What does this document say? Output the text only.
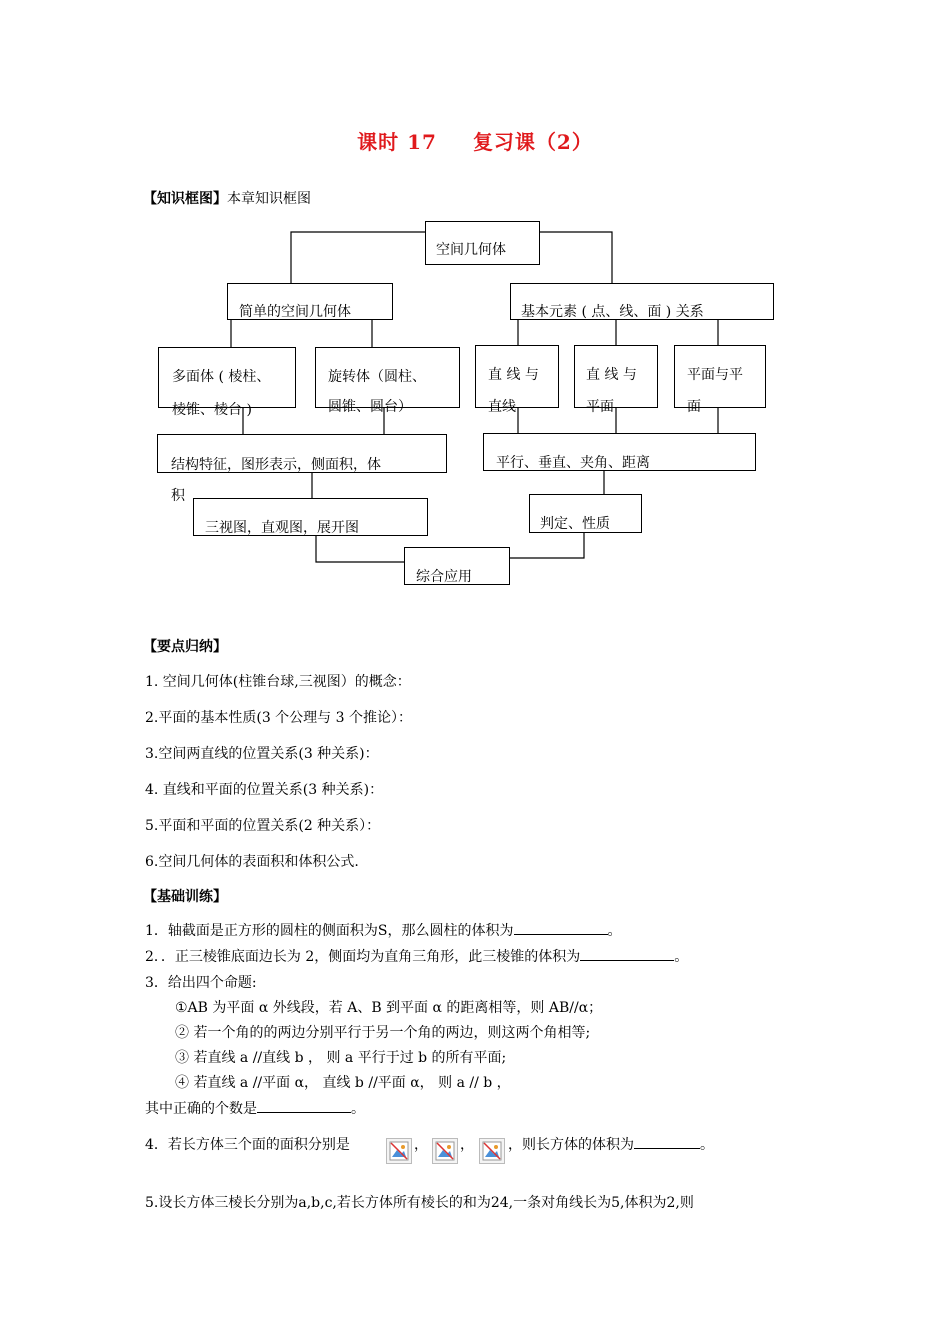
课时 17 复习课（2）
【知识框图】本章知识框图
空间几何体
简单的空间几何体	基本元素 ( 点、线、面 ) 关系
多面体 ( 棱柱、
棱锥、棱台 )
旋转体（圆柱、
圆锥、圆台）
直 线 与
直线
直 线 与
平面
平面与平
面
结构特征，图形表示，侧面积，体
积
平行、垂直、夹角、距离
三视图，直观图，展开图	判定、性质
综合应用
【要点归纳】
1. 空间几何体(柱锥台球,三视图）的概念：
2.平面的基本性质(3 个公理与 3 个推论）：
3.空间两直线的位置关系(3 种关系)：
4. 直线和平面的位置关系(3 种关系)：
5.平面和平面的位置关系(2 种关系）：
6.空间几何体的表面积和体积公式.
【基础训练】
1．轴截面是正方形的圆柱的侧面积为S，那么圆柱的体积为	。
2．．正三棱锥底面边长为 2，侧面均为直角三角形，此三棱锥的体积为	。
3．给出四个命题:
①AB 为平面 α 外线段，若 A、B 到平面 α 的距离相等，则 AB//α；
② 若一个角的的两边分别平行于另一个角的两边，则这两个角相等;
③ 若直线 a //直线 b ， 则 a 平行于过 b 的所有平面;
④ 若直线 a //平面 α， 直线 b //平面 α， 则 a // b ，
其中正确的个数是	。
4．若长方体三个面的面积分别是	， ， ，则长方体的体积为	。
5.设长方体三棱长分别为a,b,c,若长方体所有棱长的和为24,一条对角线长为5,体积为2,则
